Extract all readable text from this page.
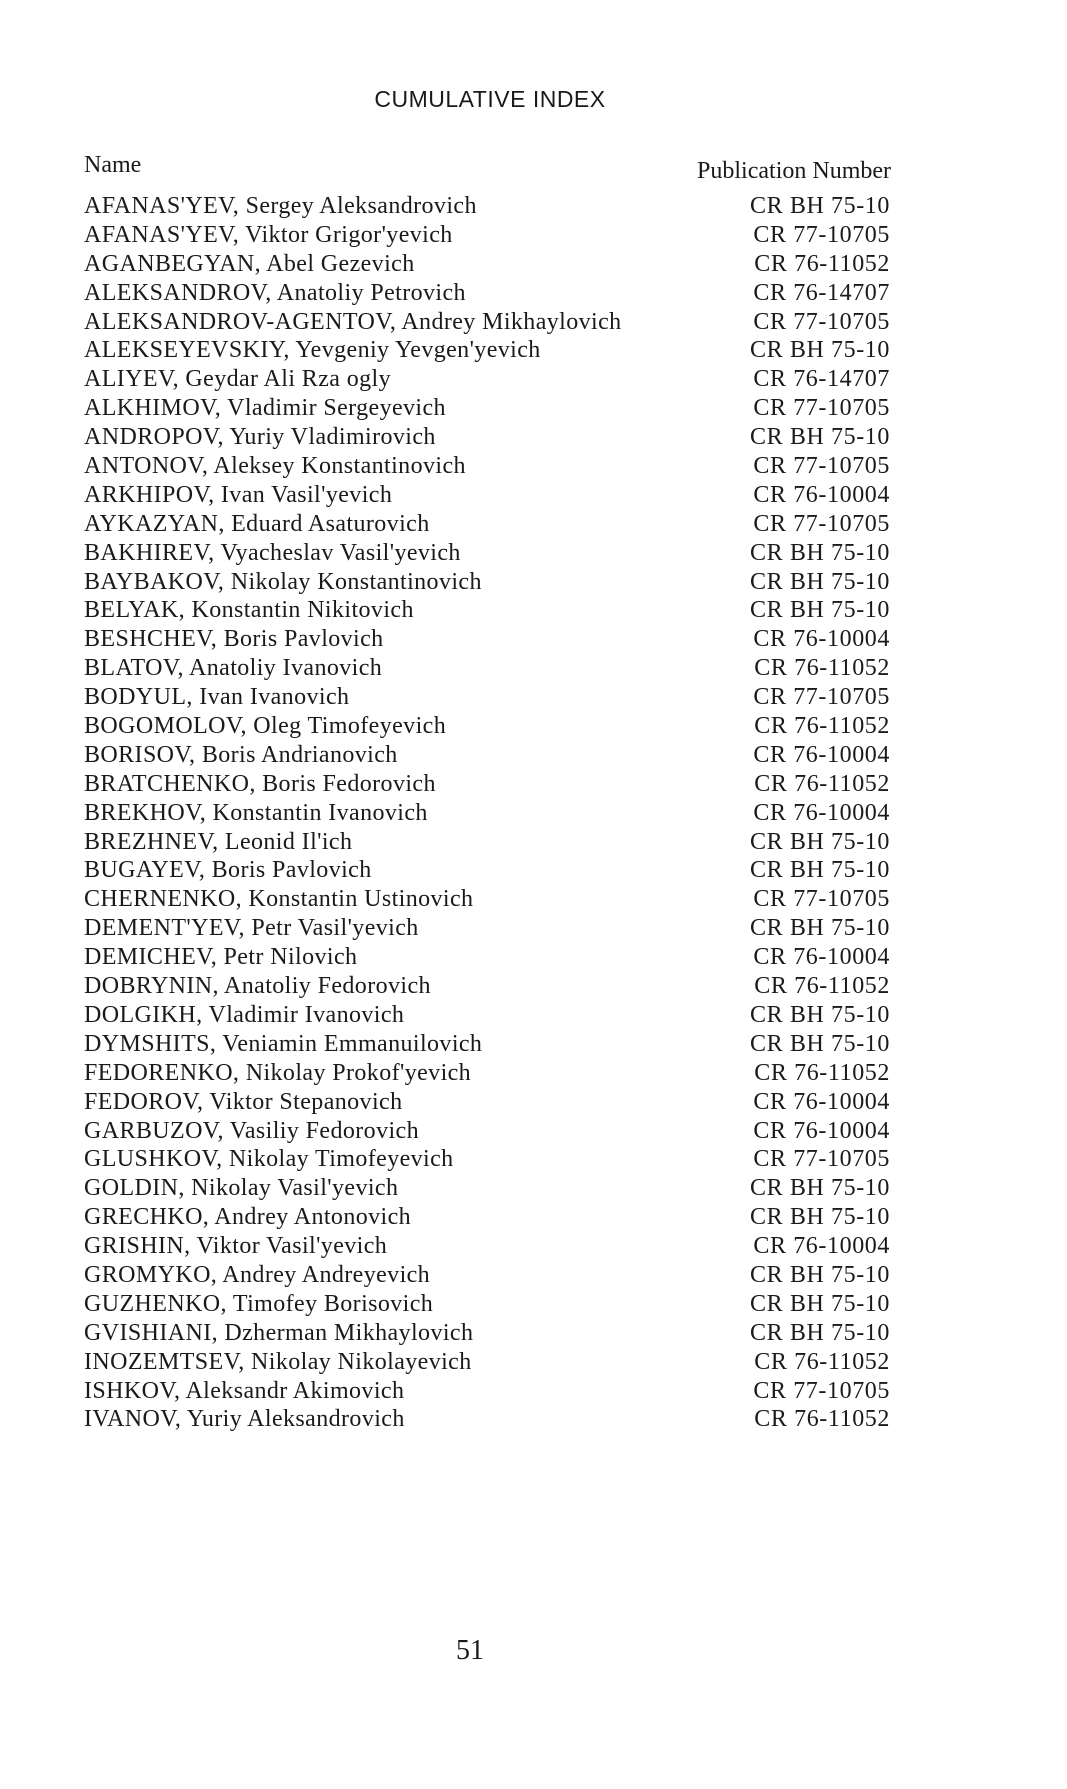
CUMULATIVE INDEX
Name	Publication Number
AFANAS'YEV, Sergey Aleksandrovich	CR BH 75-10
AFANAS'YEV, Viktor Grigor'yevich	CR 77-10705
AGANBEGYAN, Abel Gezevich	CR 76-11052
ALEKSANDROV, Anatoliy Petrovich	CR 76-14707
ALEKSANDROV-AGENTOV, Andrey Mikhaylovich	CR 77-10705
ALEKSEYEVSKIY, Yevgeniy Yevgen'yevich	CR BH 75-10
ALIYEV, Geydar Ali Rza ogly	CR 76-14707
ALKHIMOV, Vladimir Sergeyevich	CR 77-10705
ANDROPOV, Yuriy Vladimirovich	CR BH 75-10
ANTONOV, Aleksey Konstantinovich	CR 77-10705
ARKHIPOV, Ivan Vasil'yevich	CR 76-10004
AYKAZYAN, Eduard Asaturovich	CR 77-10705
BAKHIREV, Vyacheslav Vasil'yevich	CR BH 75-10
BAYBAKOV, Nikolay Konstantinovich	CR BH 75-10
BELYAK, Konstantin Nikitovich	CR BH 75-10
BESHCHEV, Boris Pavlovich	CR 76-10004
BLATOV, Anatoliy Ivanovich	CR 76-11052
BODYUL, Ivan Ivanovich	CR 77-10705
BOGOMOLOV, Oleg Timofeyevich	CR 76-11052
BORISOV, Boris Andrianovich	CR 76-10004
BRATCHENKO, Boris Fedorovich	CR 76-11052
BREKHOV, Konstantin Ivanovich	CR 76-10004
BREZHNEV, Leonid Il'ich	CR BH 75-10
BUGAYEV, Boris Pavlovich	CR BH 75-10
CHERNENKO, Konstantin Ustinovich	CR 77-10705
DEMENT'YEV, Petr Vasil'yevich	CR BH 75-10
DEMICHEV, Petr Nilovich	CR 76-10004
DOBRYNIN, Anatoliy Fedorovich	CR 76-11052
DOLGIKH, Vladimir Ivanovich	CR BH 75-10
DYMSHITS, Veniamin Emmanuilovich	CR BH 75-10
FEDORENKO, Nikolay Prokof'yevich	CR 76-11052
FEDOROV, Viktor Stepanovich	CR 76-10004
GARBUZOV, Vasiliy Fedorovich	CR 76-10004
GLUSHKOV, Nikolay Timofeyevich	CR 77-10705
GOLDIN, Nikolay Vasil'yevich	CR BH 75-10
GRECHKO, Andrey Antonovich	CR BH 75-10
GRISHIN, Viktor Vasil'yevich	CR 76-10004
GROMYKO, Andrey Andreyevich	CR BH 75-10
GUZHENKO, Timofey Borisovich	CR BH 75-10
GVISHIANI, Dzherman Mikhaylovich	CR BH 75-10
INOZEMTSEV, Nikolay Nikolayevich	CR 76-11052
ISHKOV, Aleksandr Akimovich	CR 77-10705
IVANOV, Yuriy Aleksandrovich	CR 76-11052
51
